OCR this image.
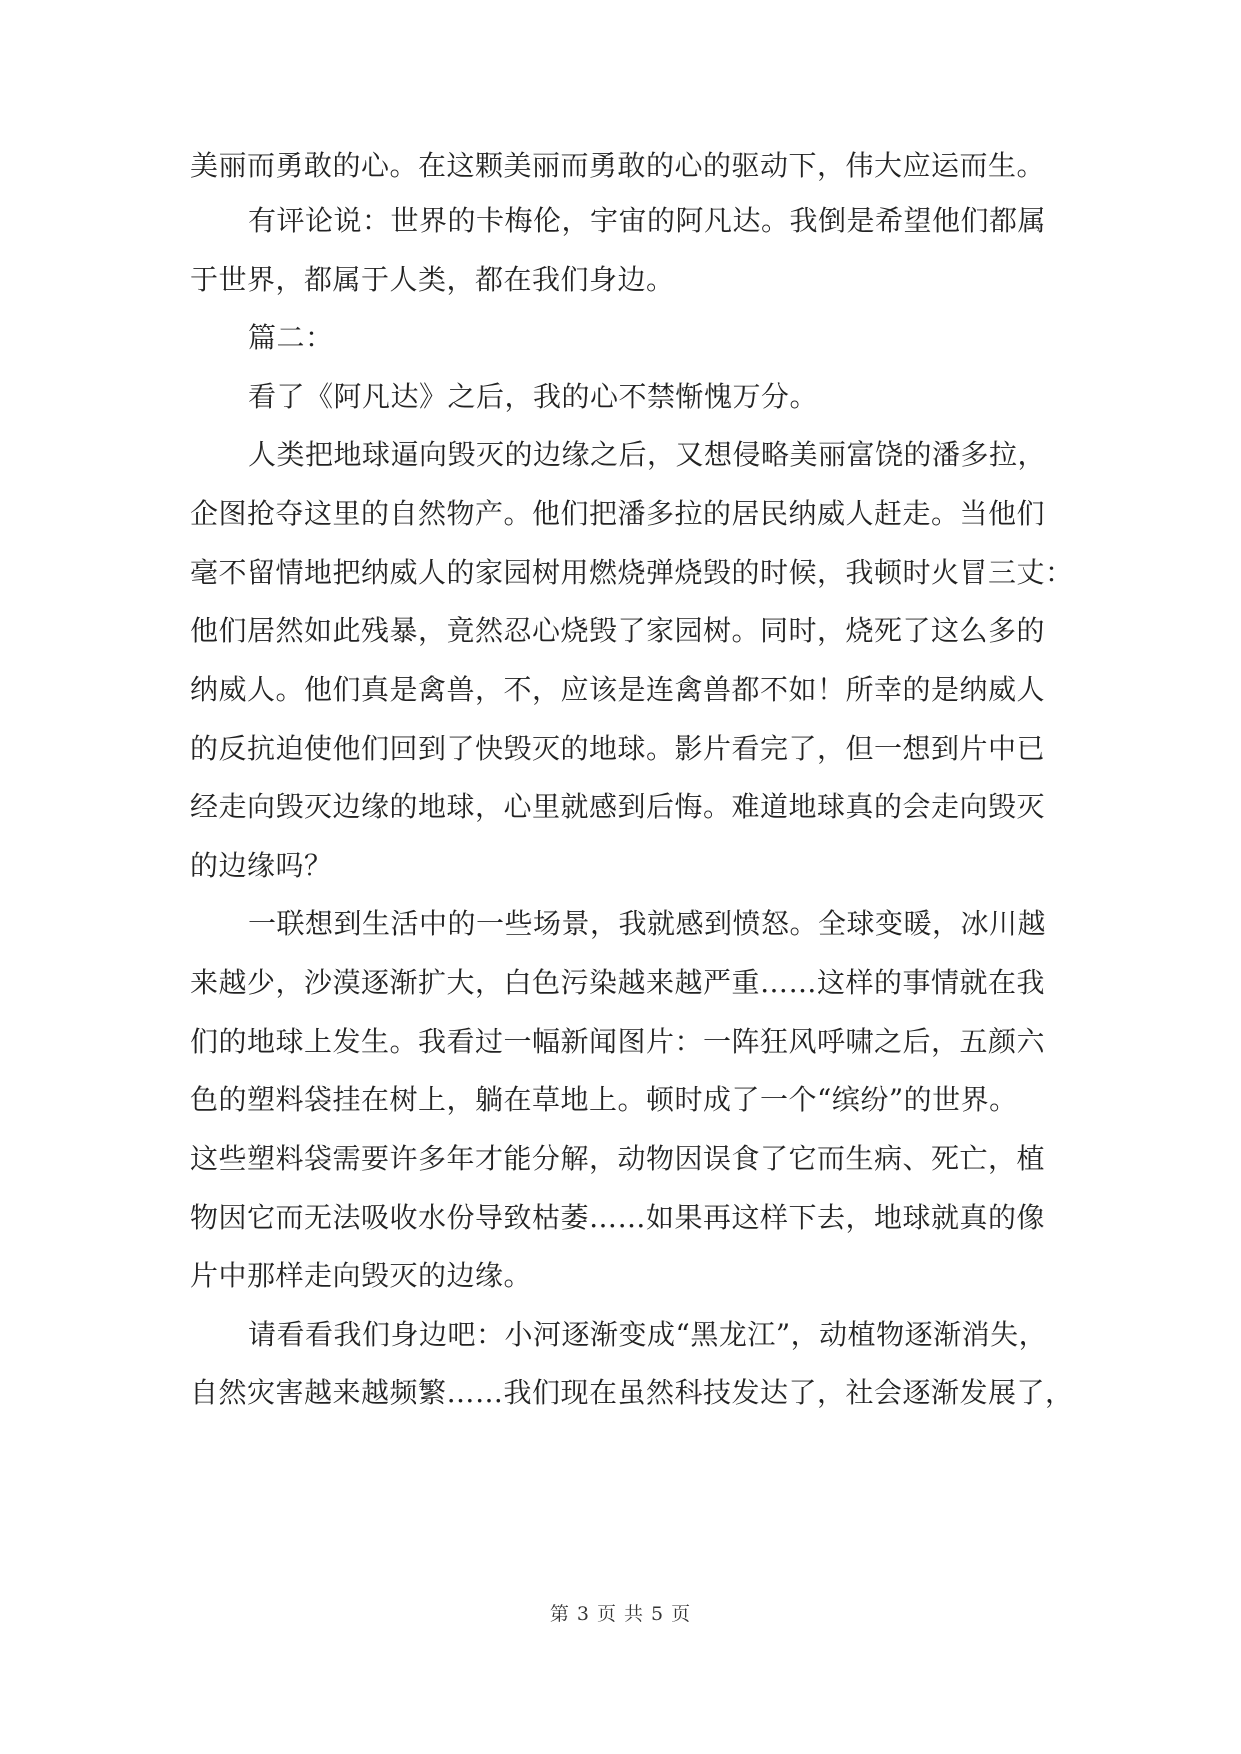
美丽而勇敢的心。在这颗美丽而勇敢的心的驱动下，伟大应运而生。
有评论说：世界的卡梅伦，宇宙的阿凡达。我倒是希望他们都属
于世界，都属于人类，都在我们身边。
篇二：
看了《阿凡达》之后，我的心不禁惭愧万分。
人类把地球逼向毁灭的边缘之后，又想侵略美丽富饶的潘多拉，
企图抢夺这里的自然物产。他们把潘多拉的居民纳威人赶走。当他们
毫不留情地把纳威人的家园树用燃烧弹烧毁的时候，我顿时火冒三丈：
他们居然如此残暴，竟然忍心烧毁了家园树。同时，烧死了这么多的
纳威人。他们真是禽兽，不，应该是连禽兽都不如！所幸的是纳威人
的反抗迫使他们回到了快毁灭的地球。影片看完了，但一想到片中已
经走向毁灭边缘的地球，心里就感到后悔。难道地球真的会走向毁灭
的边缘吗？
一联想到生活中的一些场景，我就感到愤怒。全球变暖，冰川越
来越少，沙漠逐渐扩大，白色污染越来越严重……这样的事情就在我
们的地球上发生。我看过一幅新闻图片：一阵狂风呼啸之后，五颜六
色的塑料袋挂在树上，躺在草地上。顿时成了一个“缤纷”的世界。
这些塑料袋需要许多年才能分解，动物因误食了它而生病、死亡，植
物因它而无法吸收水份导致枯萎……如果再这样下去，地球就真的像
片中那样走向毁灭的边缘。
请看看我们身边吧：小河逐渐变成“黑龙江”，动植物逐渐消失，
自然灾害越来越频繁……我们现在虽然科技发达了，社会逐渐发展了，
第 3 页 共 5 页
